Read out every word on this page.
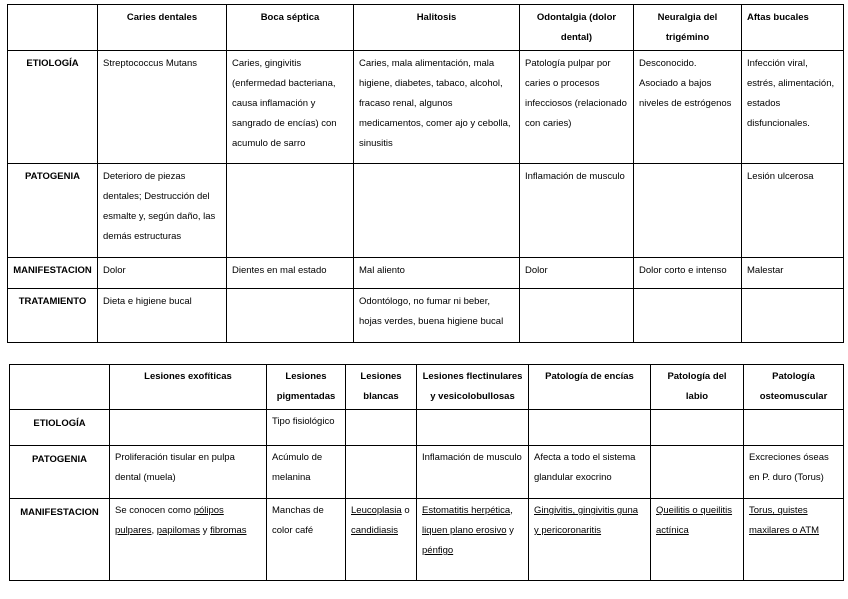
	Caries dentales	Boca séptica	Halitosis	Odontalgia (dolor dental)	Neuralgia del trigémino	Aftas bucales
ETIOLOGÍA	Streptococcus Mutans	Caries, gingivitis (enfermedad bacteriana, causa inflamación y sangrado de encías) con acumulo de sarro	Caries, mala alimentación, mala higiene, diabetes, tabaco, alcohol, fracaso renal, algunos medicamentos, comer ajo y cebolla, sinusitis	Patología pulpar por caries o procesos infecciosos (relacionado con caries)	Desconocido. Asociado a bajos niveles de estrógenos	Infección viral, estrés, alimentación, estados disfuncionales.
PATOGENIA	Deterioro de piezas dentales; Destrucción del esmalte y, según daño, las demás estructuras			Inflamación de musculo		Lesión ulcerosa
MANIFESTACION	Dolor	Dientes en mal estado	Mal aliento	Dolor	Dolor corto e intenso	Malestar
TRATAMIENTO	Dieta e higiene bucal		Odontólogo, no fumar ni beber, hojas verdes, buena higiene bucal			
	Lesiones exofíticas	Lesiones pigmentadas	Lesiones blancas	Lesiones flectinulares y vesicolobullosas	Patología de encías	Patología del labio	Patología osteomuscular
ETIOLOGÍA		Tipo fisiológico					
PATOGENIA	Proliferación tisular en pulpa dental (muela)	Acúmulo de melanina		Inflamación de musculo	Afecta a todo el sistema glandular exocrino		Excreciones óseas en P. duro (Torus)
MANIFESTACION	Se conocen como pólipos pulpares, papilomas y fibromas	Manchas de color café	Leucoplasia o candidiasis	Estomatitis herpética, liquen plano erosivo y pénfigo	Gingivitis, gingivitis guna y pericoronaritis	Queilitis o queilitis actínica	Torus, quistes maxilares o ATM
